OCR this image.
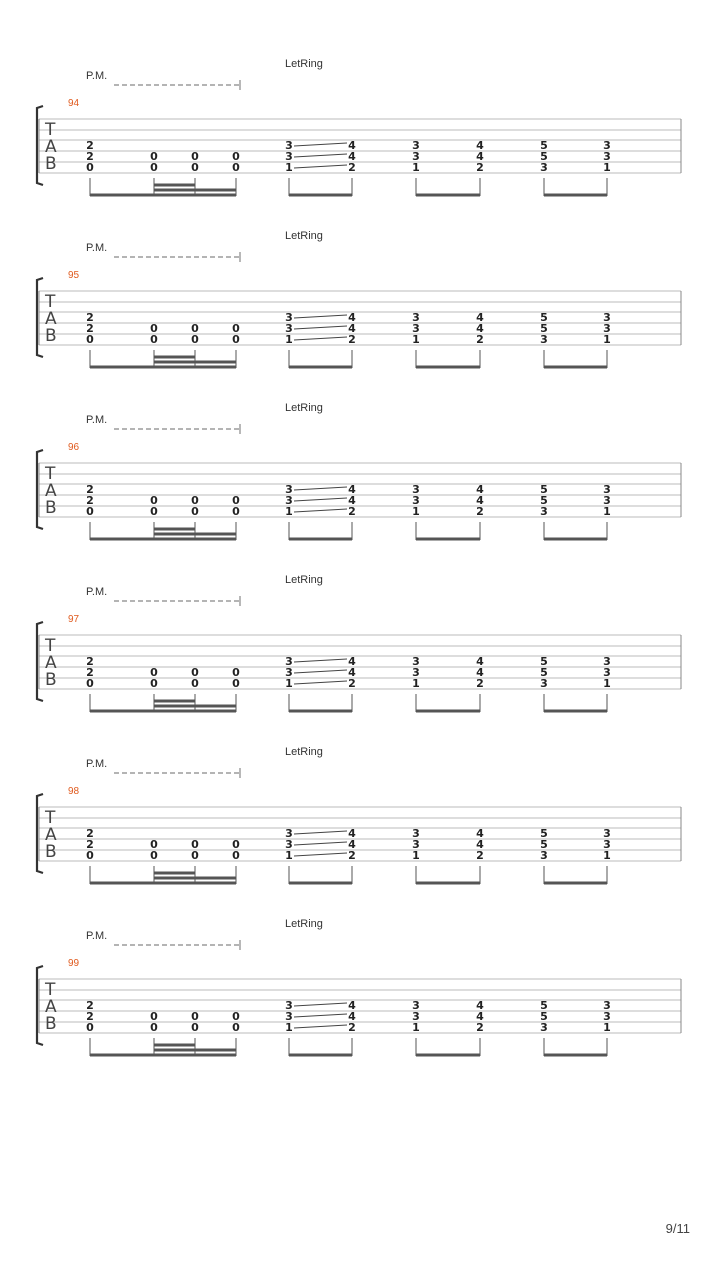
P.M.
LetRing
94
T
A
B
2
2
0
0
0
0
0
0
0
3
3
1
4
4
2
3
3
1
4
4
2
5
5
3
3
3
1
P.M.
LetRing
95
T
A
B
2
2
0
0
0
0
0
0
0
3
3
1
4
4
2
3
3
1
4
4
2
5
5
3
3
3
1
P.M.
LetRing
96
T
A
B
2
2
0
0
0
0
0
0
0
3
3
1
4
4
2
3
3
1
4
4
2
5
5
3
3
3
1
P.M.
LetRing
97
T
A
B
2
2
0
0
0
0
0
0
0
3
3
1
4
4
2
3
3
1
4
4
2
5
5
3
3
3
1
P.M.
LetRing
98
T
A
B
2
2
0
0
0
0
0
0
0
3
3
1
4
4
2
3
3
1
4
4
2
5
5
3
3
3
1
P.M.
LetRing
99
T
A
B
2
2
0
0
0
0
0
0
0
3
3
1
4
4
2
3
3
1
4
4
2
5
5
3
3
3
1
9/11
